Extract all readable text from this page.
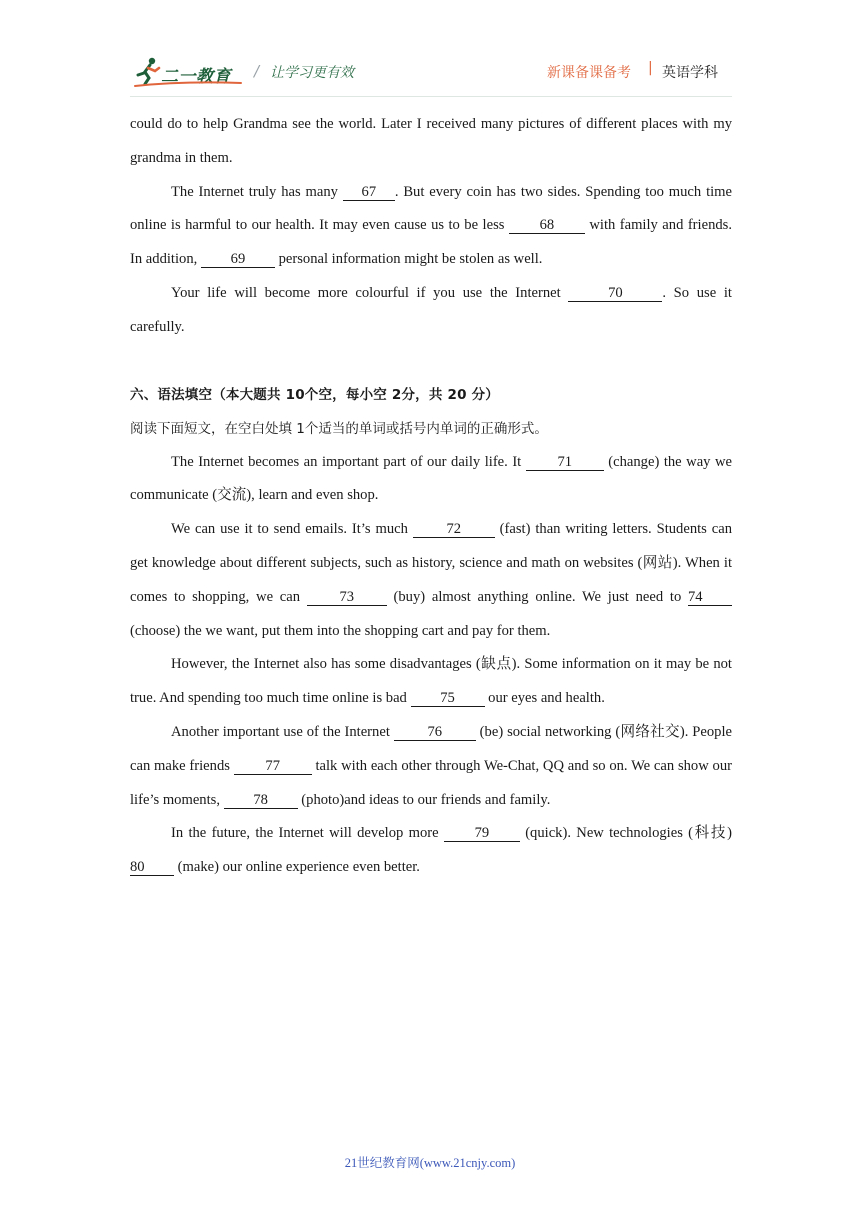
二一教育 / 让学习更有效	新课备课备考 | 英语学科

could do to help Grandma see the world. Later I received many pictures of different places with my grandma in them.

The Internet truly has many 67 . But every coin has two sides. Spending too much time online is harmful to our health. It may even cause us to be less 68 with family and friends. In addition, 69 personal information might be stolen as well.

Your life will become more colourful if you use the Internet	70	. So use it carefully.

六、语法填空（本大题共 10个空，每小空 2分，共 20 分）

阅读下面短文，在空白处填 1个适当的单词或括号内单词的正确形式。

The Internet becomes an important part of our daily life. It 71 (change) the way we communicate (交流), learn and even shop.

We can use it to send emails. It’s much 72 (fast) than writing letters. Students can get knowledge about different subjects, such as history, science and math on websites (网站). When it comes to shopping, we can 73 (buy) almost anything online. We just need to 74 (choose) the we want, put them into the shopping cart and pay for them.

However, the Internet also has some disadvantages (缺点). Some information on it may be not true. And spending too much time online is bad 75 our eyes and health.

Another important use of the Internet 76 (be) social networking (网络社交). People can make friends 77 talk with each other through We-Chat, QQ and so on. We can show our life’s moments, 78 (photo)and ideas to our friends and family.

In the future, the Internet will develop more 79 (quick). New technologies (科技) 80 (make) our online experience even better.

21世纪教育网(www.21cnjy.com)
